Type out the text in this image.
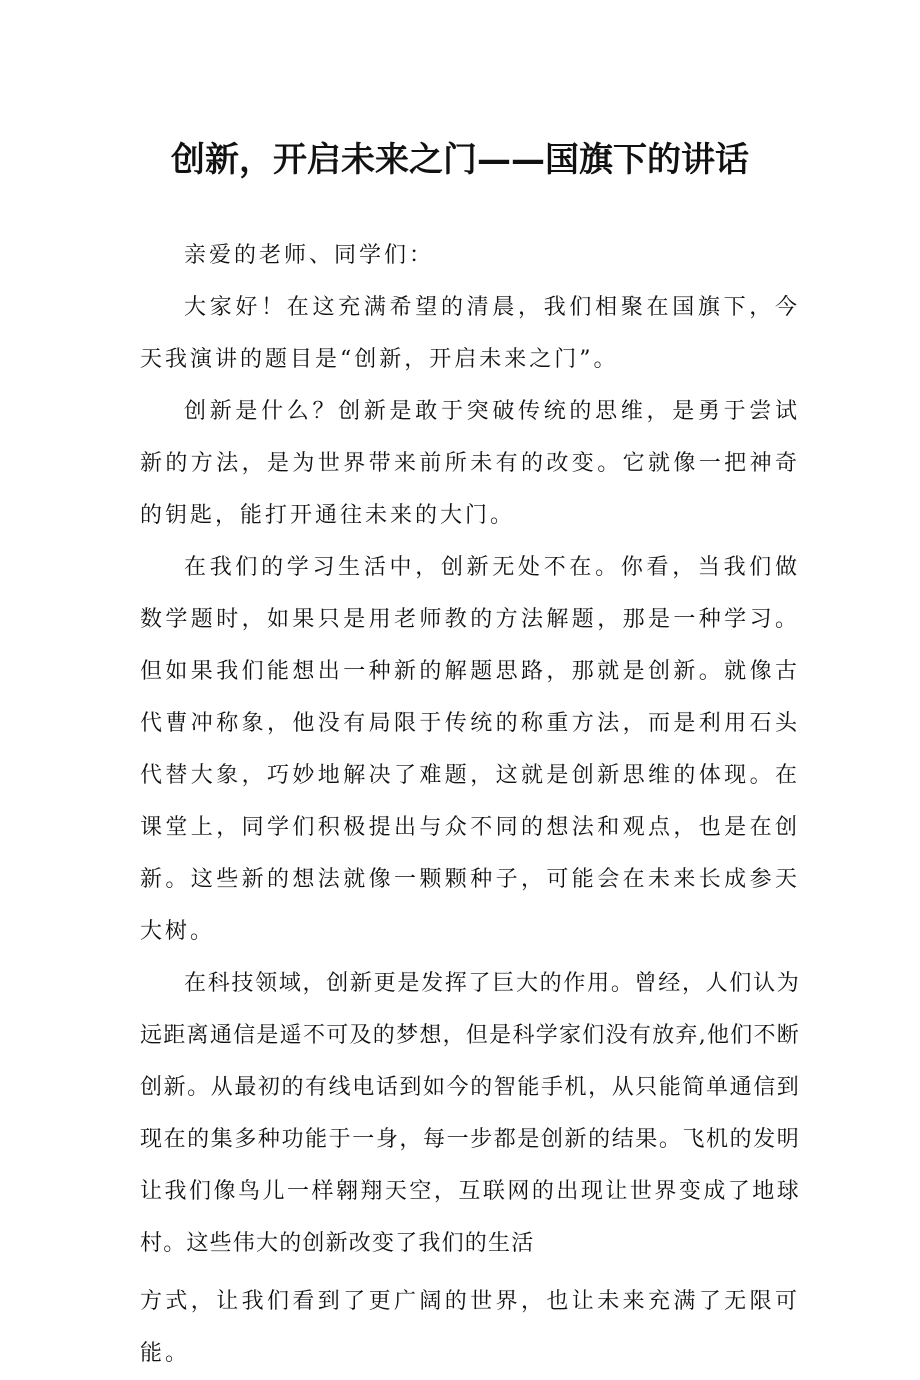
创新，开启未来之门——国旗下的讲话

亲爱的老师、同学们：

大家好！在这充满希望的清晨，我们相聚在国旗下，今天我演讲的题目是“创新，开启未来之门”。

创新是什么？创新是敢于突破传统的思维，是勇于尝试新的方法，是为世界带来前所未有的改变。它就像一把神奇的钥匙，能打开通往未来的大门。

在我们的学习生活中，创新无处不在。你看，当我们做数学题时，如果只是用老师教的方法解题，那是一种学习。但如果我们能想出一种新的解题思路，那就是创新。就像古代曹冲称象，他没有局限于传统的称重方法，而是利用石头代替大象，巧妙地解决了难题，这就是创新思维的体现。在课堂上，同学们积极提出与众不同的想法和观点，也是在创新。这些新的想法就像一颗颗种子，可能会在未来长成参天大树。

在科技领域，创新更是发挥了巨大的作用。曾经，人们认为远距离通信是遥不可及的梦想，但是科学家们没有放弃,他们不断创新。从最初的有线电话到如今的智能手机，从只能简单通信到现在的集多种功能于一身，每一步都是创新的结果。飞机的发明让我们像鸟儿一样翱翔天空，互联网的出现让世界变成了地球村。这些伟大的创新改变了我们的生活

方式，让我们看到了更广阔的世界，也让未来充满了无限可能。
